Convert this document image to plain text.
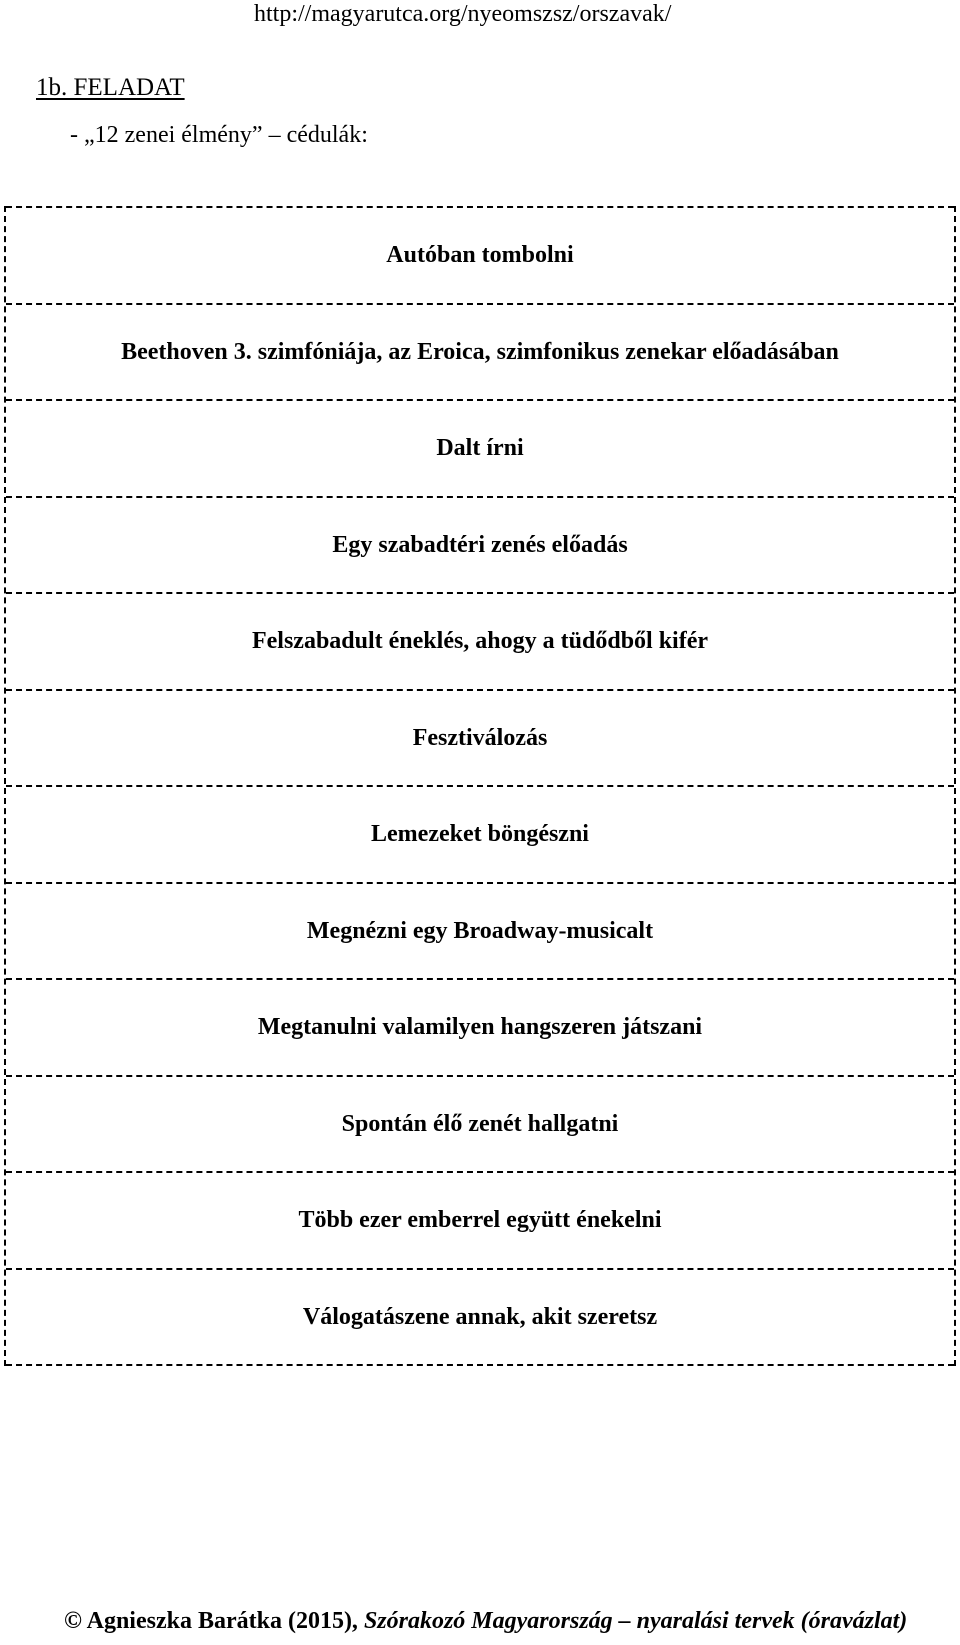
http://magyarutca.org/nyeomszsz/orszavak/
1b. FELADAT
- „12 zenei élmény” – cédulák:
Autóban tombolni
Beethoven 3. szimfóniája, az Eroica, szimfonikus zenekar előadásában
Dalt írni
Egy szabadtéri zenés előadás
Felszabadult éneklés, ahogy a tüdődből kifér
Fesztiválozás
Lemezeket böngészni
Megnézni egy Broadway-musicalt
Megtanulni valamilyen hangszeren játszani
Spontán élő zenét hallgatni
Több ezer emberrel együtt énekelni
Válogatászene annak, akit szeretsz
© Agnieszka Barátka (2015), Szórakozó Magyarország – nyaralási tervek (óravázlat)
